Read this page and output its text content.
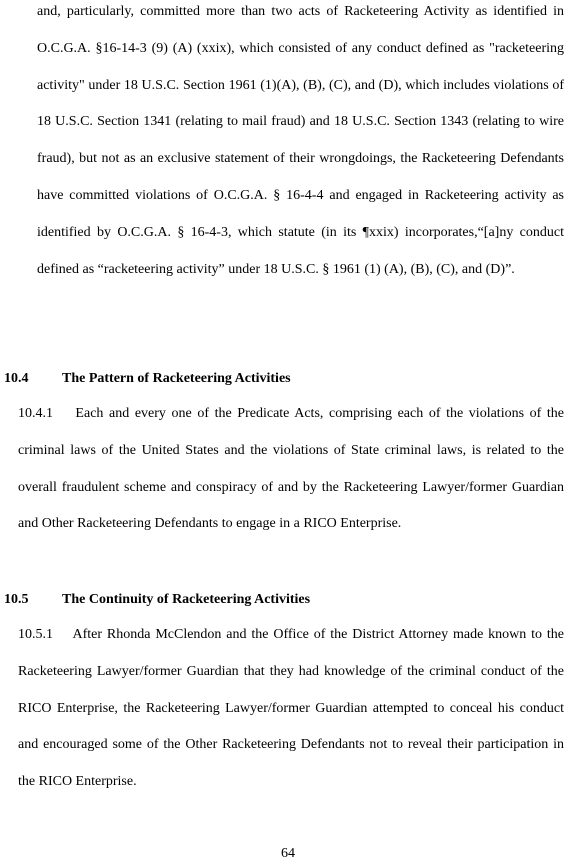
and, particularly, committed more than two acts of Racketeering Activity as identified in O.C.G.A. §16-14-3 (9) (A) (xxix), which consisted of any conduct defined as "racketeering activity" under 18 U.S.C. Section 1961 (1)(A), (B), (C), and (D), which includes violations of 18 U.S.C. Section 1341 (relating to mail fraud) and 18 U.S.C. Section 1343 (relating to wire fraud), but not as an exclusive statement of their wrongdoings, the Racketeering Defendants have committed violations of O.C.G.A. § 16-4-4 and engaged in Racketeering activity as identified by O.C.G.A. § 16-4-3, which statute (in its ¶xxix) incorporates,“[a]ny conduct defined as “racketeering activity” under 18 U.S.C. § 1961 (1) (A), (B), (C), and (D)”.

10.4 The Pattern of Racketeering Activities

10.4.1 Each and every one of the Predicate Acts, comprising each of the violations of the criminal laws of the United States and the violations of State criminal laws, is related to the overall fraudulent scheme and conspiracy of and by the Racketeering Lawyer/former Guardian and Other Racketeering Defendants to engage in a RICO Enterprise.

10.5 The Continuity of Racketeering Activities

10.5.1 After Rhonda McClendon and the Office of the District Attorney made known to the Racketeering Lawyer/former Guardian that they had knowledge of the criminal conduct of the RICO Enterprise, the Racketeering Lawyer/former Guardian attempted to conceal his conduct and encouraged some of the Other Racketeering Defendants not to reveal their participation in the RICO Enterprise.

64
